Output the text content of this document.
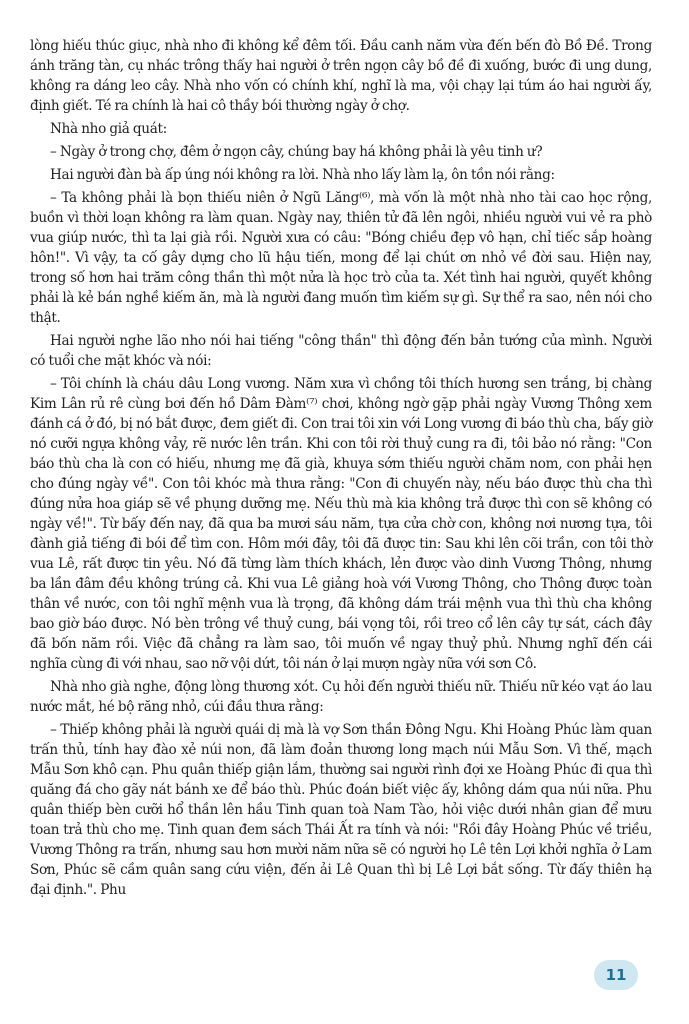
lòng hiếu thúc giục, nhà nho đi không kể đêm tối. Đầu canh năm vừa đến bến đò Bồ Đề. Trong ánh trăng tàn, cụ nhác trông thấy hai người ở trên ngọn cây bồ đề đi xuống, bước đi ung dung, không ra dáng leo cây. Nhà nho vốn có chính khí, nghĩ là ma, vội chạy lại túm áo hai người ấy, định giết. Té ra chính là hai cô thầy bói thường ngày ở chợ.

Nhà nho giả quát:

– Ngày ở trong chợ, đêm ở ngọn cây, chúng bay há không phải là yêu tinh ư?

Hai người đàn bà ấp úng nói không ra lời. Nhà nho lấy làm lạ, ôn tồn nói rằng:

– Ta không phải là bọn thiếu niên ở Ngũ Lăng⁽⁶⁾, mà vốn là một nhà nho tài cao học rộng, buồn vì thời loạn không ra làm quan. Ngày nay, thiên tử đã lên ngôi, nhiều người vui vẻ ra phò vua giúp nước, thì ta lại già rồi. Người xưa có câu: "Bóng chiều đẹp vô hạn, chỉ tiếc sắp hoàng hôn!". Vì vậy, ta cố gây dựng cho lũ hậu tiến, mong để lại chút ơn nhỏ về đời sau. Hiện nay, trong số hơn hai trăm công thần thì một nửa là học trò của ta. Xét tình hai người, quyết không phải là kẻ bán nghề kiếm ăn, mà là người đang muốn tìm kiếm sự gì. Sự thể ra sao, nên nói cho thật.

Hai người nghe lão nho nói hai tiếng "công thần" thì động đến bản tướng của mình. Người có tuổi che mặt khóc và nói:

– Tôi chính là cháu dâu Long vương. Năm xưa vì chồng tôi thích hương sen trắng, bị chàng Kim Lân rủ rê cùng bơi đến hồ Dâm Đàm⁽⁷⁾ chơi, không ngờ gặp phải ngày Vương Thông xem đánh cá ở đó, bị nó bắt được, đem giết đi. Con trai tôi xin với Long vương đi báo thù cha, bấy giờ nó cưỡi ngựa không vảy, rẽ nước lên trần. Khi con tôi rời thuỷ cung ra đi, tôi bảo nó rằng: "Con báo thù cha là con có hiếu, nhưng mẹ đã già, khuya sớm thiếu người chăm nom, con phải hẹn cho đúng ngày về". Con tôi khóc mà thưa rằng: "Con đi chuyến này, nếu báo được thù cha thì đúng nửa hoa giáp sẽ về phụng dưỡng mẹ. Nếu thù mà kia không trả được thì con sẽ không có ngày về!". Từ bấy đến nay, đã qua ba mươi sáu năm, tựa cửa chờ con, không nơi nương tựa, tôi đành giả tiếng đi bói để tìm con. Hôm mới đây, tôi đã được tin: Sau khi lên cõi trần, con tôi thờ vua Lê, rất được tin yêu. Nó đã từng làm thích khách, lẻn được vào dinh Vương Thông, nhưng ba lần đâm đều không trúng cả. Khi vua Lê giảng hoà với Vương Thông, cho Thông được toàn thân về nước, con tôi nghĩ mệnh vua là trọng, đã không dám trái mệnh vua thì thù cha không bao giờ báo được. Nó bèn trông về thuỷ cung, bái vọng tôi, rồi treo cổ lên cây tự sát, cách đây đã bốn năm rồi. Việc đã chẳng ra làm sao, tôi muốn về ngay thuỷ phủ. Nhưng nghĩ đến cái nghĩa cùng đi với nhau, sao nỡ vội dứt, tôi nán ở lại mượn ngày nữa với sơn Cô.

Nhà nho già nghe, động lòng thương xót. Cụ hỏi đến người thiếu nữ. Thiếu nữ kéo vạt áo lau nước mắt, hé bộ răng nhỏ, cúi đầu thưa rằng:

– Thiếp không phải là người quái dị mà là vợ Sơn thần Đông Ngu. Khi Hoàng Phúc làm quan trấn thủ, tính hay đào xẻ núi non, đã làm đoản thương long mạch núi Mẫu Sơn. Vì thế, mạch Mẫu Sơn khô cạn. Phu quân thiếp giận lắm, thường sai người rình đợi xe Hoàng Phúc đi qua thì quăng đá cho gãy nát bánh xe để báo thù. Phúc đoán biết việc ấy, không dám qua núi nữa. Phu quân thiếp bèn cưỡi hổ thần lên hầu Tinh quan toà Nam Tào, hỏi việc dưới nhân gian để mưu toan trả thù cho mẹ. Tinh quan đem sách Thái Ất ra tính và nói: "Rồi đây Hoàng Phúc về triều, Vương Thông ra trấn, nhưng sau hơn mười năm nữa sẽ có người họ Lê tên Lợi khởi nghĩa ở Lam Sơn, Phúc sẽ cầm quân sang cứu viện, đến ải Lê Quan thì bị Lê Lợi bắt sống. Từ đấy thiên hạ đại định.". Phu

11
